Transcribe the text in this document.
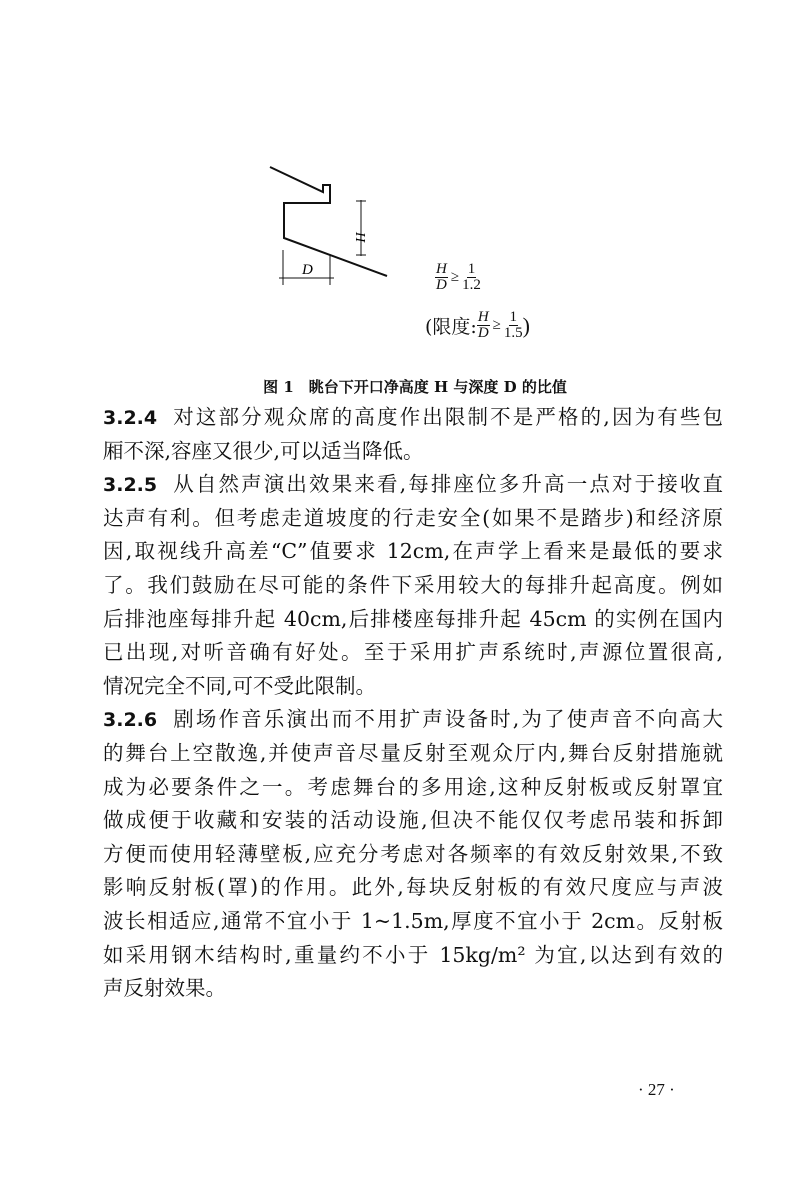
H
D	$\frac{H}{D} \ge \frac{1}{1.2}$
(限度: $\frac{H}{D} \ge \frac{1}{1.5}$ )
图 1　眺台下开口净高度 H 与深度 D 的比值
· 27 ·
3.2.4 对这部分观众席的高度作出限制不是严格的,因为有些包
厢不深,容座又很少,可以适当降低。
3.2.5 从自然声演出效果来看,每排座位多升高一点对于接收直
达声有利。但考虑走道坡度的行走安全(如果不是踏步)和经济原
因,取视线升高差“C”值要求 12cm,在声学上看来是最低的要求
了。我们鼓励在尽可能的条件下采用较大的每排升起高度。例如
后排池座每排升起 40cm,后排楼座每排升起 45cm 的实例在国内
已出现,对听音确有好处。至于采用扩声系统时,声源位置很高,
情况完全不同,可不受此限制。
3.2.6 剧场作音乐演出而不用扩声设备时,为了使声音不向高大
的舞台上空散逸,并使声音尽量反射至观众厅内,舞台反射措施就
成为必要条件之一。考虑舞台的多用途,这种反射板或反射罩宜
做成便于收藏和安装的活动设施,但决不能仅仅考虑吊装和拆卸
方便而使用轻薄壁板,应充分考虑对各频率的有效反射效果,不致
影响反射板(罩)的作用。此外,每块反射板的有效尺度应与声波
波长相适应,通常不宜小于 1~1.5m,厚度不宜小于 2cm。反射板
如采用钢木结构时,重量约不小于 15kg/m² 为宜,以达到有效的
声反射效果。
